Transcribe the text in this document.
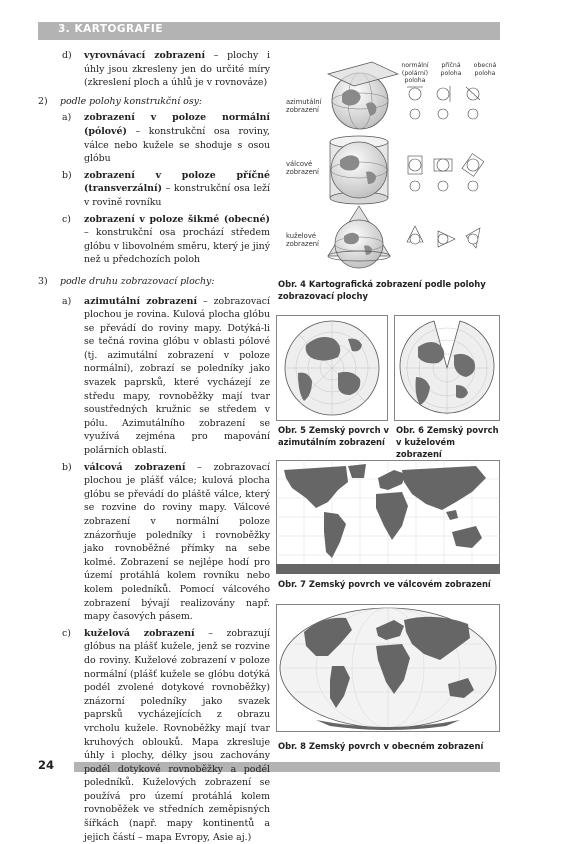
3. KARTOGRAFIE
24
d) vyrovnávací zobrazení – plochy i úhly jsou zkresleny jen do určité míry (zkreslení ploch a úhlů je v rovnováze)
2) podle polohy konstrukční osy:
a) zobrazení v poloze normální (pólové) – konstrukční osa roviny, válce nebo kužele se shoduje s osou glóbu
b) zobrazení v poloze příčné (transverzální) – konstrukční osa leží v rovině rovníku
c) zobrazení v poloze šikmé (obecné) – konstrukční osa prochází středem glóbu v libovolném směru, který je jiný než u předchozích poloh
3) podle druhu zobrazovací plochy:
a) azimutální zobrazení – zobrazovací plochou je rovina. Kulová plocha glóbu se převádí do roviny mapy. Dotýká-li se tečná rovina glóbu v oblasti pólové (tj. azimutální zobrazení v poloze normální), zobrazí se poledníky jako svazek paprsků, které vycházejí ze středu mapy, rovnoběžky mají tvar soustředných kružnic se středem v pólu. Azimutálního zobrazení se využívá zejména pro mapování polárních oblastí.
b) válcová zobrazení – zobrazovací plochou je plášť válce; kulová plocha glóbu se převádí do pláště válce, který se rozvine do roviny mapy. Válcové zobrazení v normální poloze znázorňuje poledníky i rovnoběžky jako rovnoběžné přímky na sebe kolmé. Zobrazení se nejlépe hodí pro území protáhlá kolem rovníku nebo kolem poledníků. Pomocí válcového zobrazení bývají realizovány např. mapy časových pásem.
c) kuželová zobrazení – zobrazují glóbus na plášť kužele, jenž se rozvine do roviny. Kuželové zobrazení v poloze normální (plášť kužele se glóbu dotýká podél zvolené dotykové rovnoběžky) znázorní poledníky jako svazek paprsků vycházejících z obrazu vrcholu kužele. Rovnoběžky mají tvar kruhových oblouků. Mapa zkresluje úhly i plochy, délky jsou zachovány podél dotykové rovnoběžky a podél poledníků. Kuželových zobrazení se používá pro území protáhlá kolem rovnoběžek ve středních zeměpisných šířkách (např. mapy kontinentů a jejich částí – mapa Evropy, Asie aj.)
normální (polární) poloha
příčná poloha
obecná poloha
azimutální zobrazení
válcové zobrazení
kuželové zobrazení
Obr. 4 Kartografická zobrazení podle polohy zobrazovací plochy
Obr. 5 Zemský povrch v azimutálním zobrazení
Obr. 6 Zemský povrch v kuželovém zobrazení
Obr. 7 Zemský povrch ve válcovém zobrazení
Obr. 8 Zemský povrch v obecném zobrazení
